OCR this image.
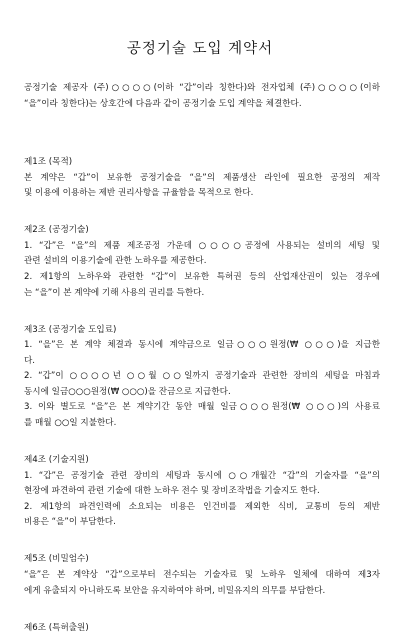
공정기술 도입 계약서
공정기술 제공자 (주)○○○○(이하 “갑”이라 칭한다)와 전자업체 (주)○○○○(이하
“을”이라 칭한다)는 상호간에 다음과 같이 공정기술 도입 계약을 체결한다.
제1조 (목적)
본 계약은 “갑”이 보유한 공정기술을 “을”의 제품생산 라인에 필요한 공정의 제작
및 이용에 이용하는 제반 권리사항을 규율함을 목적으로 한다.
제2조 (공정기술)
1. “갑”은 “을”의 제품 제조공정 가운데 ○○○○공정에 사용되는 설비의 세팅 및
관련 설비의 이용기술에 관한 노하우를 제공한다.
2. 제1항의 노하우와 관련한 “갑”이 보유한 특허권 등의 산업재산권이 있는 경우에
는 “을”이 본 계약에 기해 사용의 권리를 득한다.
제3조 (공정기술 도입료)
1. “을”은 본 계약 체결과 동시에 계약금으로 일금○○○원정(₩ ○○○)을 지급한
다.
2. “갑”이 ○○○○년 ○○월 ○○일까지 공정기술과 관련한 장비의 세팅을 마침과
동시에 일금○○○원정(₩ ○○○)을 잔금으로 지급한다.
3. 이와 별도로 “을”은 본 계약기간 동안 매월 일금○○○원정(₩ ○○○)의 사용료
를 매월 ○○일 지불한다.
제4조 (기술지원)
1. “갑”은 공정기술 관련 장비의 세팅과 동시에 ○○개월간 “갑”의 기술자를 “을”의
현장에 파견하여 관련 기술에 대한 노하우 전수 및 장비조작법을 기술지도 한다.
2. 제1항의 파견인력에 소요되는 비용은 인건비를 제외한 식비, 교통비 등의 제반
비용은 “을”이 부담한다.
제5조 (비밀엄수)
“을”은 본 계약상 “갑”으로부터 전수되는 기술자료 및 노하우 일체에 대하여 제3자
에게 유출되지 아니하도록 보안을 유지하여야 하며, 비밀유지의 의무를 부담한다.
제6조 (특허출원)
